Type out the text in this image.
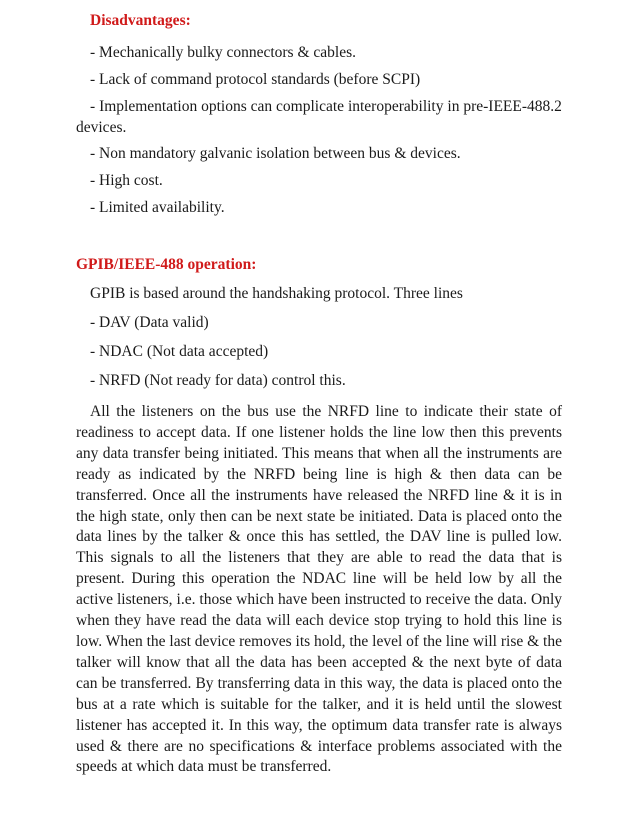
Disadvantages:
- Mechanically bulky connectors & cables.
- Lack of command protocol standards (before SCPI)
- Implementation options can complicate interoperability in pre-IEEE-488.2
devices.
- Non mandatory galvanic isolation between bus & devices.
- High cost.
- Limited availability.
GPIB/IEEE-488 operation:
GPIB is based around the handshaking protocol. Three lines
- DAV (Data valid)
- NDAC (Not data accepted)
- NRFD (Not ready for data) control this.
All the listeners on the bus use the NRFD line to indicate their state of readiness to accept data. If one listener holds the line low then this prevents any data transfer being initiated. This means that when all the instruments are ready as indicated by the NRFD being line is high & then data can be transferred. Once all the instruments have released the NRFD line & it is in the high state, only then can be next state be initiated. Data is placed onto the data lines by the talker & once this has settled, the DAV line is pulled low. This signals to all the listeners that they are able to read the data that is present. During this operation the NDAC line will be held low by all the active listeners, i.e. those which have been instructed to receive the data. Only when they have read the data will each device stop trying to hold this line is low. When the last device removes its hold, the level of the line will rise & the talker will know that all the data has been accepted & the next byte of data can be transferred. By transferring data in this way, the data is placed onto the bus at a rate which is suitable for the talker, and it is held until the slowest listener has accepted it. In this way, the optimum data transfer rate is always used & there are no specifications & interface problems associated with the speeds at which data must be transferred.
